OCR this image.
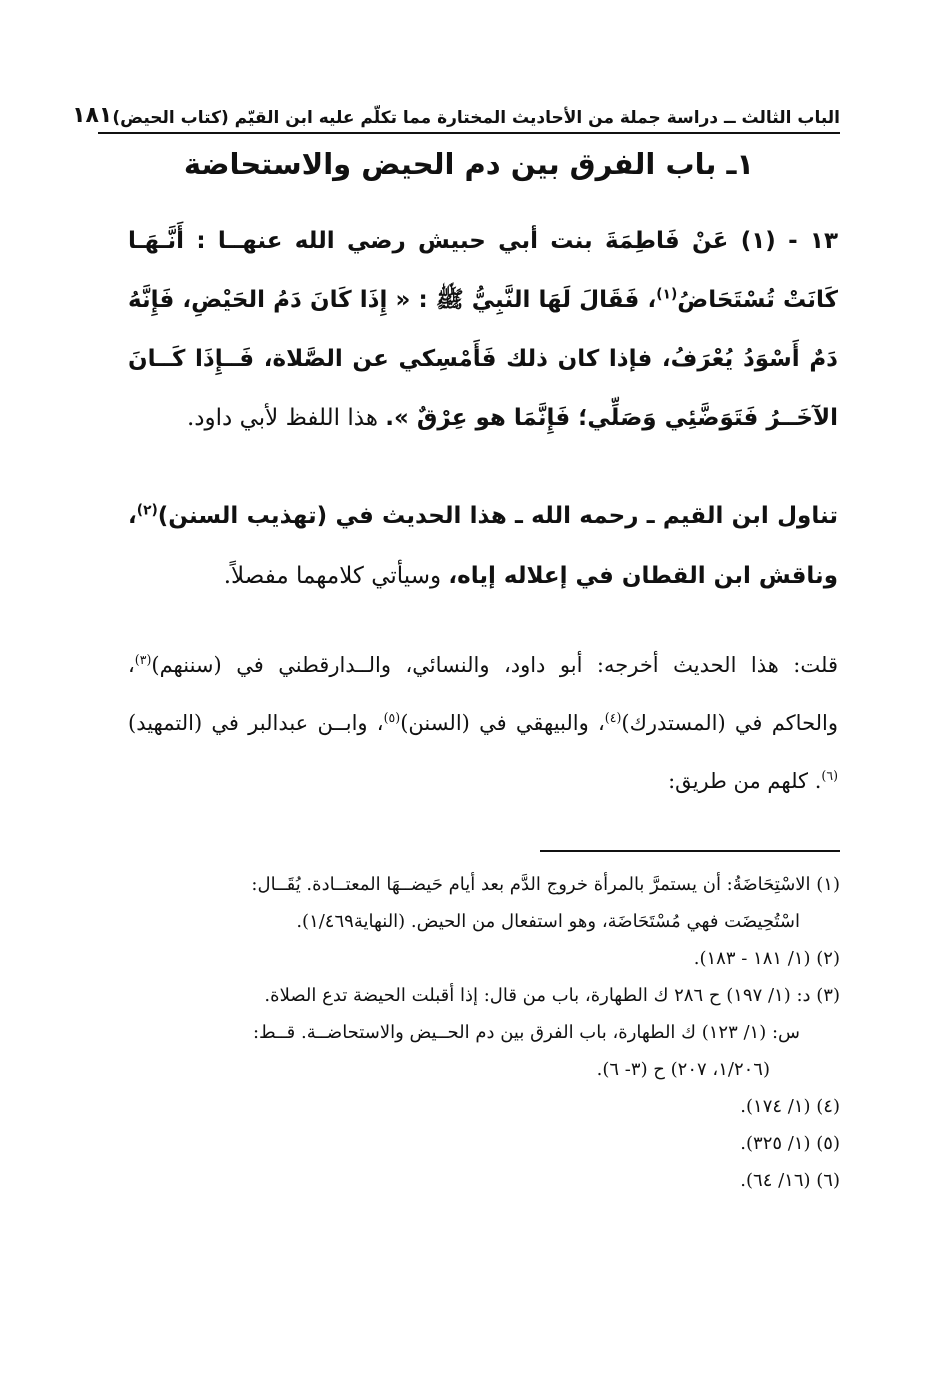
الباب الثالث ــ دراسة جملة من الأحاديث المختارة مما تكلّم عليه ابن القيّم (كتاب الحيض)
١٨١
١ـ باب الفرق بين دم الحيض والاستحاضة
١٣ - (١) عَنْ فَاطِمَةَ بنت أبي حبيش رضي الله عنهــا : أَنَّـهَـا كَانَتْ تُسْتَحَاضُ$^{(١)}$، فَقَالَ لَهَا النَّبِيُّ ﷺ : « إِذَا كَانَ دَمُ الحَيْضِ، فَإِنَّهُ دَمٌ أَسْوَدُ يُعْرَفُ، فإذا كان ذلك فَأَمْسِكي عن الصَّلاة، فَــإِذَا كَــانَ الآخَــرُ فَتَوَضَّئِي وَصَلِّي؛ فَإِنَّمَا هو عِرْقٌ ». هذا اللفظ لأبي داود.
تناول ابن القيم ـ رحمه الله ـ هذا الحديث في (تهذيب السنن)$^{(٢)}$، وناقش ابن القطان في إعلاله إياه، وسيأتي كلامهما مفصلاً.
قلت: هذا الحديث أخرجه: أبو داود، والنسائي، والــدارقطني في (سننهم)$^{(٣)}$، والحاكم في (المستدرك)$^{(٤)}$، والبيهقي في (السنن)$^{(٥)}$، وابــن عبدالبر في (التمهيد)$^{(٦)}$. كلهم من طريق:
(١) الاسْتِحَاضَةُ: أن يستمرَّ بالمرأة خروج الدَّم بعد أيام حَيضــهَا المعتــادة. يُقَــال:
اسْتُحِيضَت فهي مُسْتَحَاضَة، وهو استفعال من الحيض. (النهاية١/٤٦٩).
(٢) (١/ ١٨١ - ١٨٣).
(٣) د: (١/ ١٩٧) ح ٢٨٦ ك الطهارة، باب من قال: إذا أقبلت الحيضة تدع الصلاة.
س: (١/ ١٢٣) ك الطهارة، باب الفرق بين دم الحــيض والاستحاضــة. قــط:
(١/٢٠٦، ٢٠٧) ح (٣- ٦).
(٤) (١/ ١٧٤).
(٥) (١/ ٣٢٥).
(٦) (١٦/ ٦٤).
